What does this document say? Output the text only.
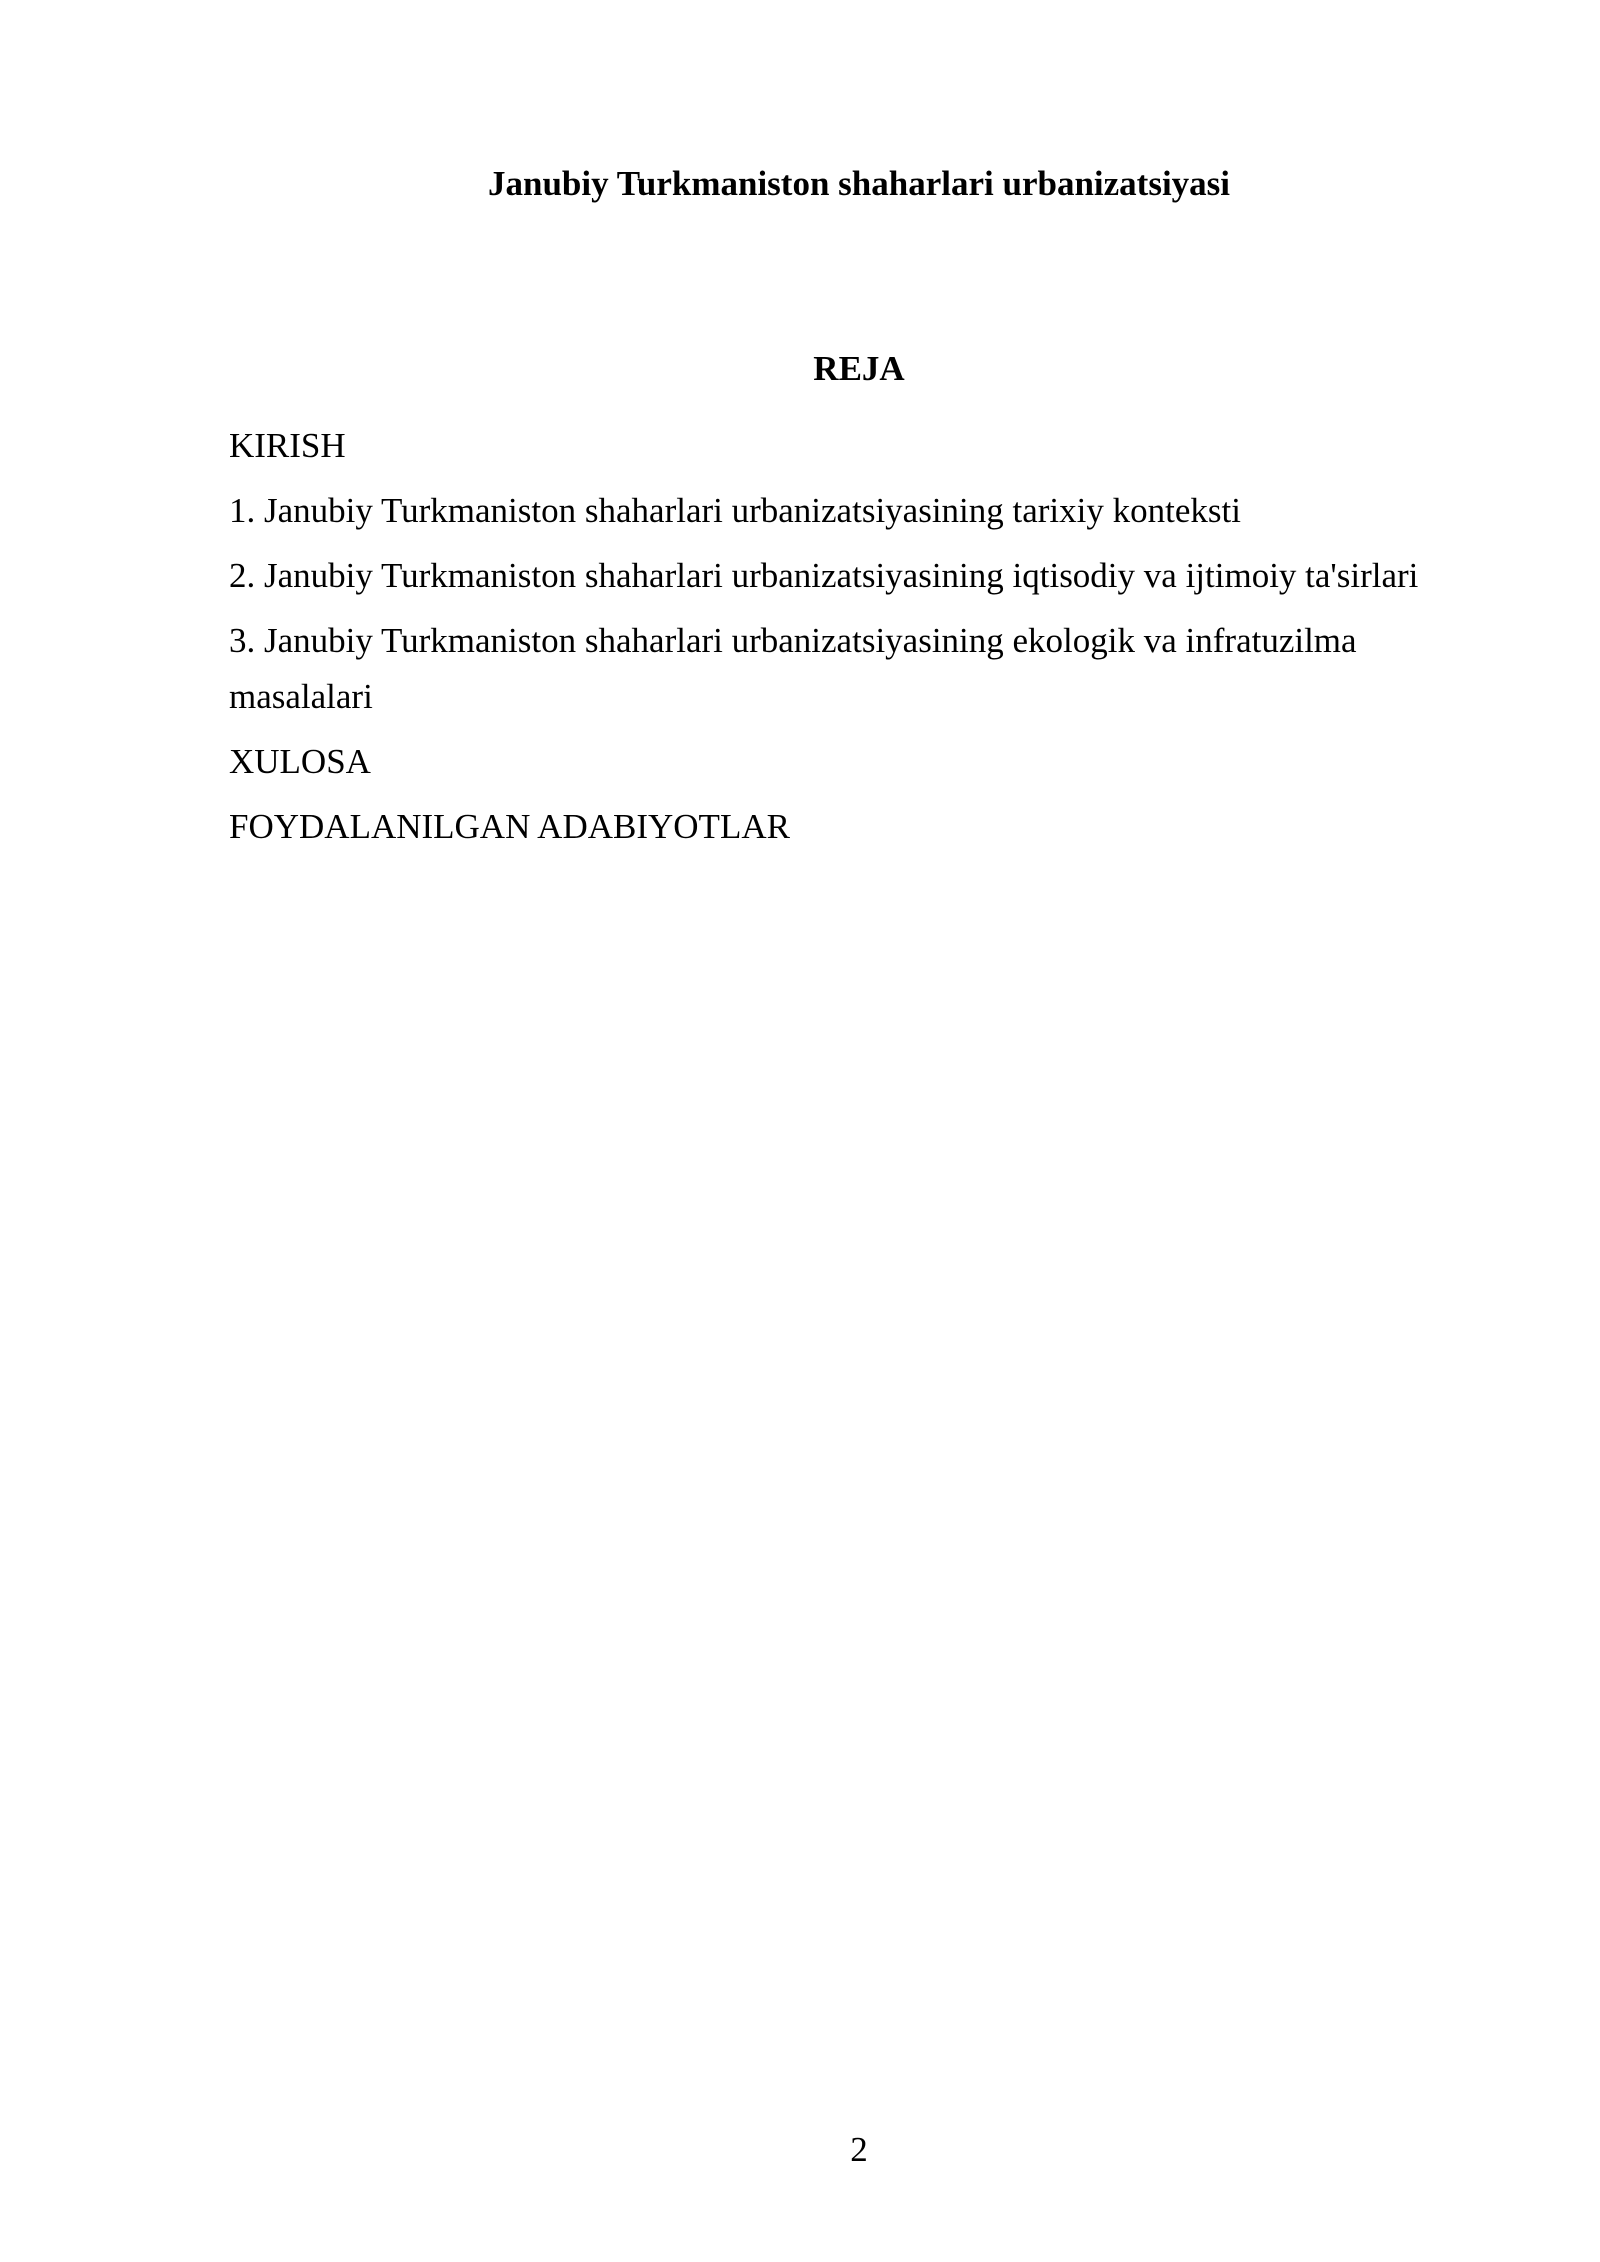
Janubiy Turkmaniston shaharlari urbanizatsiyasi
REJA
KIRISH
1. Janubiy Turkmaniston shaharlari urbanizatsiyasining tarixiy konteksti
2. Janubiy Turkmaniston shaharlari urbanizatsiyasining iqtisodiy va ijtimoiy ta'sirlari
3. Janubiy Turkmaniston shaharlari urbanizatsiyasining ekologik va infratuzilma masalalari
XULOSA
FOYDALANILGAN ADABIYOTLAR
2
